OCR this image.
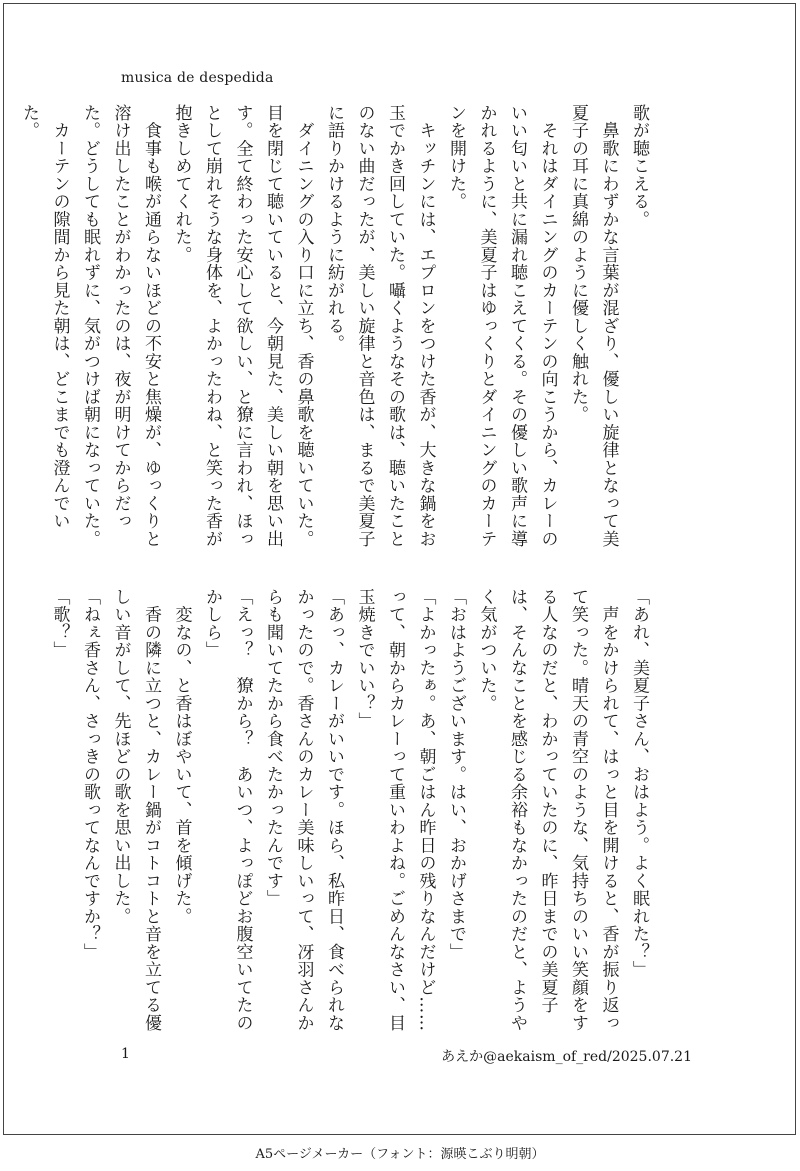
musica de despedida

歌が聴こえる。

　鼻歌にわずかな言葉が混ざり、優しい旋律となって美夏子の耳に真綿のように優しく触れた。

　それはダイニングのカーテンの向こうから、カレーのいい匂いと共に漏れ聴こえてくる。その優しい歌声に導かれるように、美夏子はゆっくりとダイニングのカーテンを開けた。

　キッチンには、エプロンをつけた香が、大きな鍋をお玉でかき回していた。囁くようなその歌は、聴いたことのない曲だったが、美しい旋律と音色は、まるで美夏子に語りかけるように紡がれる。

　ダイニングの入り口に立ち、香の鼻歌を聴いていた。目を閉じて聴いていると、今朝見た、美しい朝を思い出す。全て終わった安心して欲しい、と獠に言われ、ほっとして崩れそうな身体を、よかったわね、と笑った香が抱きしめてくれた。

　食事も喉が通らないほどの不安と焦燥が、ゆっくりと溶け出したことがわかったのは、夜が明けてからだった。どうしても眠れずに、気がつけば朝になっていた。

　カーテンの隙間から見た朝は、どこまでも澄んでいた。

「あれ、美夏子さん、おはよう。よく眠れた？」

　声をかけられて、はっと目を開けると、香が振り返って笑った。晴天の青空のような、気持ちのいい笑顔をする人なのだと、わかっていたのに、昨日までの美夏子は、そんなことを感じる余裕もなかったのだと、ようやく気がついた。

「おはようございます。はい、おかげさまで」

「よかったぁ。あ、朝ごはん昨日の残りなんだけど……って、朝からカレーって重いわよね。ごめんなさい、目玉焼きでいい？」

「あっ、カレーがいいです。ほら、私昨日、食べられなかったので。香さんのカレー美味しいって、冴羽さんからも聞いてたから食べたかったんです」

「えっ？　獠から？　あいつ、よっぽどお腹空いてたのかしら」

　変なの、と香はぼやいて、首を傾げた。

　香の隣に立つと、カレー鍋がコトコトと音を立てる優しい音がして、先ほどの歌を思い出した。

「ねぇ香さん、さっきの歌ってなんですか？」

「歌？」

1	あえか@aekaism_of_red/2025.07.21
A5ページメーカー（フォント：源暎こぶり明朝）
